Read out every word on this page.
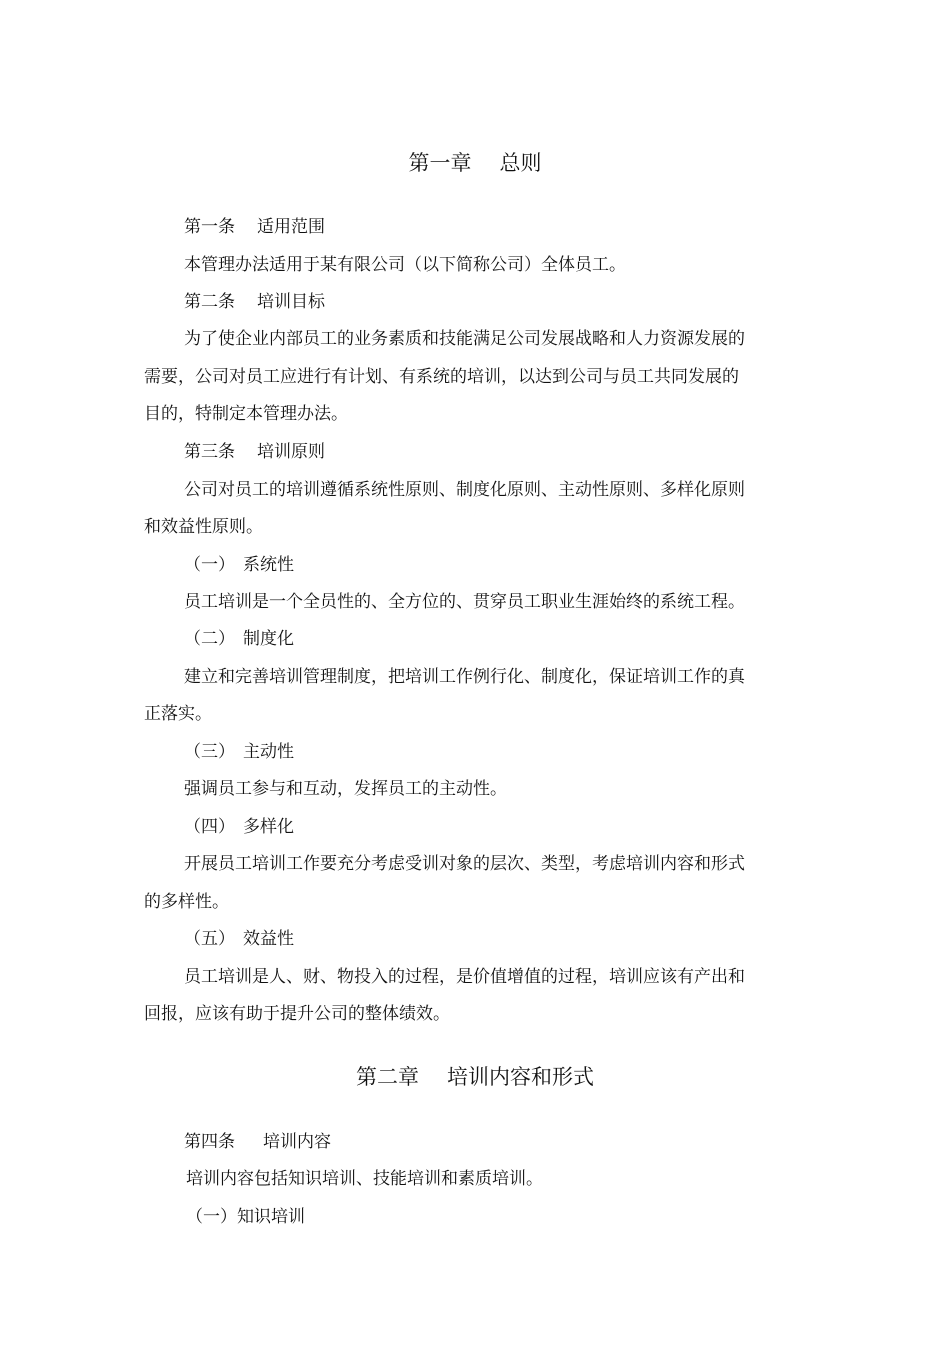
第一章 总则
第一条 适用范围
本管理办法适用于某有限公司（以下简称公司）全体员工。
第二条 培训目标
为了使企业内部员工的业务素质和技能满足公司发展战略和人力资源发展的
需要，公司对员工应进行有计划、有系统的培训，以达到公司与员工共同发展的
目的，特制定本管理办法。
第三条 培训原则
公司对员工的培训遵循系统性原则、制度化原则、主动性原则、多样化原则
和效益性原则。
（一） 系统性
员工培训是一个全员性的、全方位的、贯穿员工职业生涯始终的系统工程。
（二） 制度化
建立和完善培训管理制度，把培训工作例行化、制度化，保证培训工作的真
正落实。
（三） 主动性
强调员工参与和互动，发挥员工的主动性。
（四） 多样化
开展员工培训工作要充分考虑受训对象的层次、类型，考虑培训内容和形式
的多样性。
（五） 效益性
员工培训是人、财、物投入的过程，是价值增值的过程，培训应该有产出和
回报，应该有助于提升公司的整体绩效。
第二章 培训内容和形式
第四条 培训内容
培训内容包括知识培训、技能培训和素质培训。
（一）知识培训
